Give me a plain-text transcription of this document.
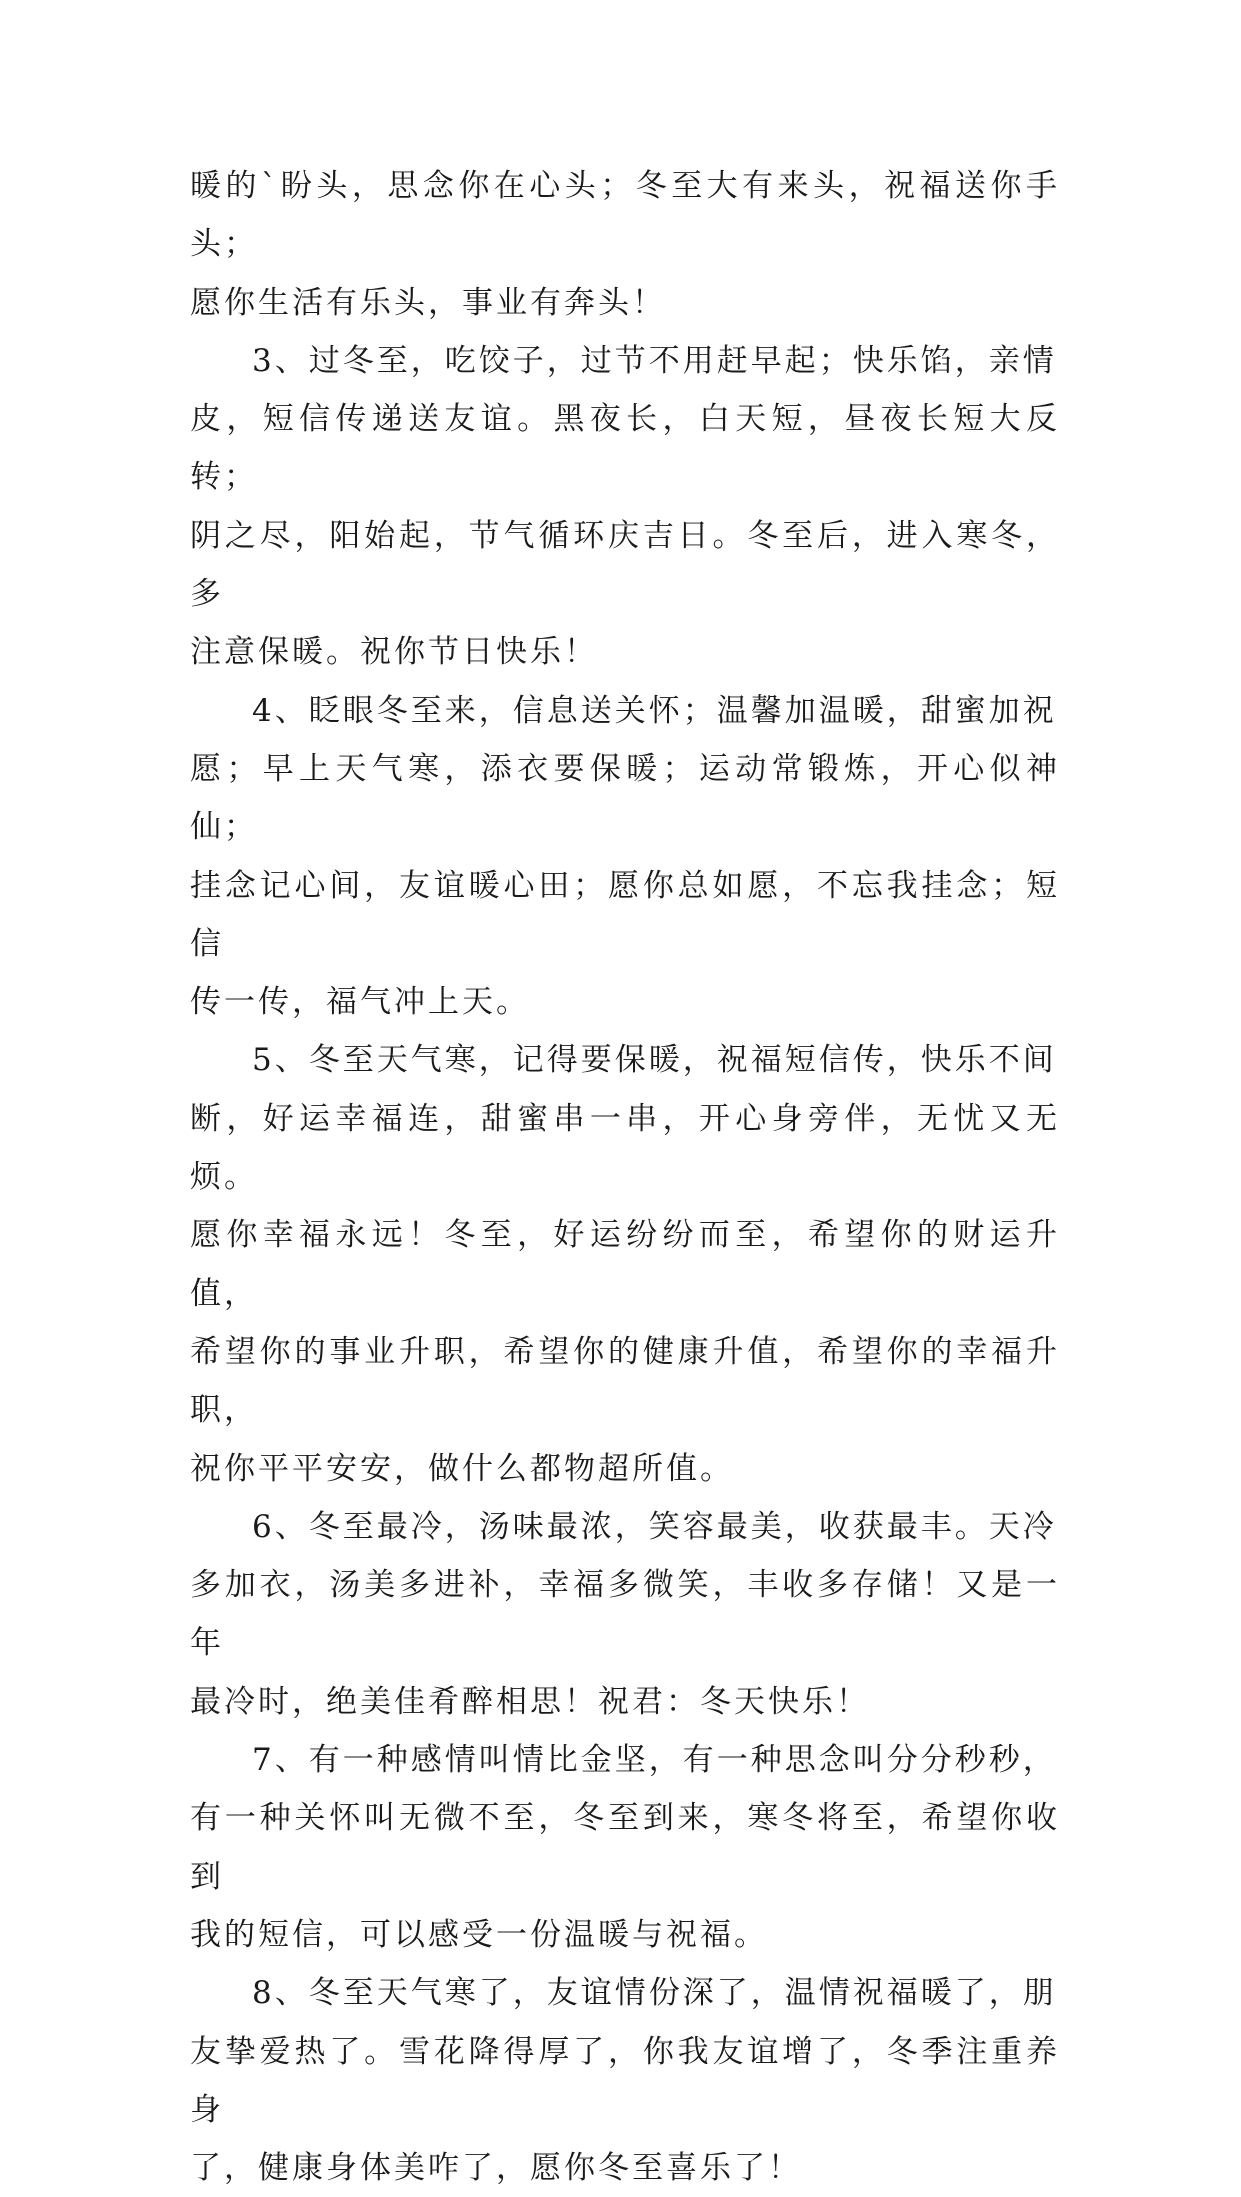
暖的`盼头，思念你在心头；冬至大有来头，祝福送你手头；
愿你生活有乐头，事业有奔头！
3、过冬至，吃饺子，过节不用赶早起；快乐馅，亲情
皮，短信传递送友谊。黑夜长，白天短，昼夜长短大反转；
阴之尽，阳始起，节气循环庆吉日。冬至后，进入寒冬，多
注意保暖。祝你节日快乐！
4、眨眼冬至来，信息送关怀；温馨加温暖，甜蜜加祝
愿；早上天气寒，添衣要保暖；运动常锻炼，开心似神仙；
挂念记心间，友谊暖心田；愿你总如愿，不忘我挂念；短信
传一传，福气冲上天。
5、冬至天气寒，记得要保暖，祝福短信传，快乐不间
断，好运幸福连，甜蜜串一串，开心身旁伴，无忧又无烦。
愿你幸福永远！冬至，好运纷纷而至，希望你的财运升值，
希望你的事业升职，希望你的健康升值，希望你的幸福升职，
祝你平平安安，做什么都物超所值。
6、冬至最冷，汤味最浓，笑容最美，收获最丰。天冷
多加衣，汤美多进补，幸福多微笑，丰收多存储！又是一年
最冷时，绝美佳肴醉相思！祝君：冬天快乐！
7、有一种感情叫情比金坚，有一种思念叫分分秒秒，
有一种关怀叫无微不至，冬至到来，寒冬将至，希望你收到
我的短信，可以感受一份温暖与祝福。
8、冬至天气寒了，友谊情份深了，温情祝福暖了，朋
友挚爱热了。雪花降得厚了，你我友谊增了，冬季注重养身
了，健康身体美咋了，愿你冬至喜乐了！
